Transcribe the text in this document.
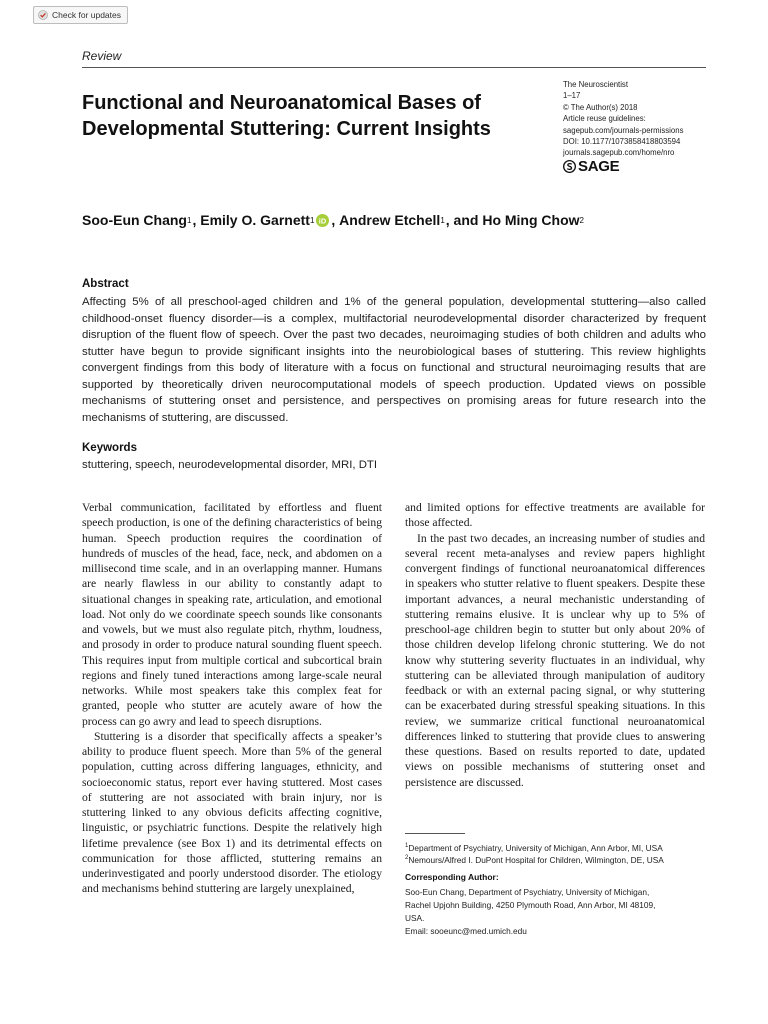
Check for updates
Review
Functional and Neuroanatomical Bases of Developmental Stuttering: Current Insights
The Neuroscientist
1–17
© The Author(s) 2018
Article reuse guidelines:
sagepub.com/journals-permissions
DOI: 10.1177/1073858418803594
journals.sagepub.com/home/nro
SAGE
Soo-Eun Chang 1 , Emily O. Garnett 1 iD , Andrew Etchell 1 , and Ho Ming Chow 2
Abstract

Affecting 5% of all preschool-aged children and 1% of the general population, developmental stuttering—also called childhood-onset fluency disorder—is a complex, multifactorial neurodevelopmental disorder characterized by frequent disruption of the fluent flow of speech. Over the past two decades, neuroimaging studies of both children and adults who stutter have begun to provide significant insights into the neurobiological bases of stuttering. This review highlights convergent findings from this body of literature with a focus on functional and structural neuroimaging results that are supported by theoretically driven neurocomputational models of speech production. Updated views on possible mechanisms of stuttering onset and persistence, and perspectives on promising areas for future research into the mechanisms of stuttering, are discussed.

Keywords
stuttering, speech, neurodevelopmental disorder, MRI, DTI

Verbal communication, facilitated by effortless and fluent speech production, is one of the defining characteristics of being human. Speech production requires the coordination of hundreds of muscles of the head, face, neck, and abdomen on a millisecond time scale, and in an overlapping manner. Humans are nearly flawless in our ability to constantly adapt to situational changes in speaking rate, articulation, and emotional load. Not only do we coordinate speech sounds like consonants and vowels, but we must also regulate pitch, rhythm, loudness, and prosody in order to produce natural sounding fluent speech. This requires input from multiple cortical and subcortical brain regions and finely tuned interactions among large-scale neural networks. While most speakers take this complex feat for granted, people who stutter are acutely aware of how the process can go awry and lead to speech disruptions.

Stuttering is a disorder that specifically affects a speaker’s ability to produce fluent speech. More than 5% of the general population, cutting across differing languages, ethnicity, and socioeconomic status, report ever having stuttered. Most cases of stuttering are not associated with brain injury, nor is stuttering linked to any obvious deficits affecting cognitive, linguistic, or psychiatric functions. Despite the relatively high lifetime prevalence (see Box 1) and its detrimental effects on communication for those afflicted, stuttering remains an underinvestigated and poorly understood disorder. The etiology and mechanisms behind stuttering are largely unexplained,

and limited options for effective treatments are available for those affected.

In the past two decades, an increasing number of studies and several recent meta-analyses and review papers highlight convergent findings of functional neuroanatomical differences in speakers who stutter relative to fluent speakers. Despite these important advances, a neural mechanistic understanding of stuttering remains elusive. It is unclear why up to 5% of preschool-age children begin to stutter but only about 20% of those children develop lifelong chronic stuttering. We do not know why stuttering severity fluctuates in an individual, why stuttering can be alleviated through manipulation of auditory feedback or with an external pacing signal, or why stuttering can be exacerbated during stressful speaking situations. In this review, we summarize critical functional neuroanatomical differences linked to stuttering that provide clues to answering these questions. Based on results reported to date, updated views on possible mechanisms of stuttering onset and persistence are discussed.

$^1$Department of Psychiatry, University of Michigan, Ann Arbor, MI, USA
$^2$Nemours/Alfred I. DuPont Hospital for Children, Wilmington, DE, USA
Corresponding Author:
Soo-Eun Chang, Department of Psychiatry, University of Michigan,
Rachel Upjohn Building, 4250 Plymouth Road, Ann Arbor, MI 48109,
USA.
Email: sooeunc@med.umich.edu
